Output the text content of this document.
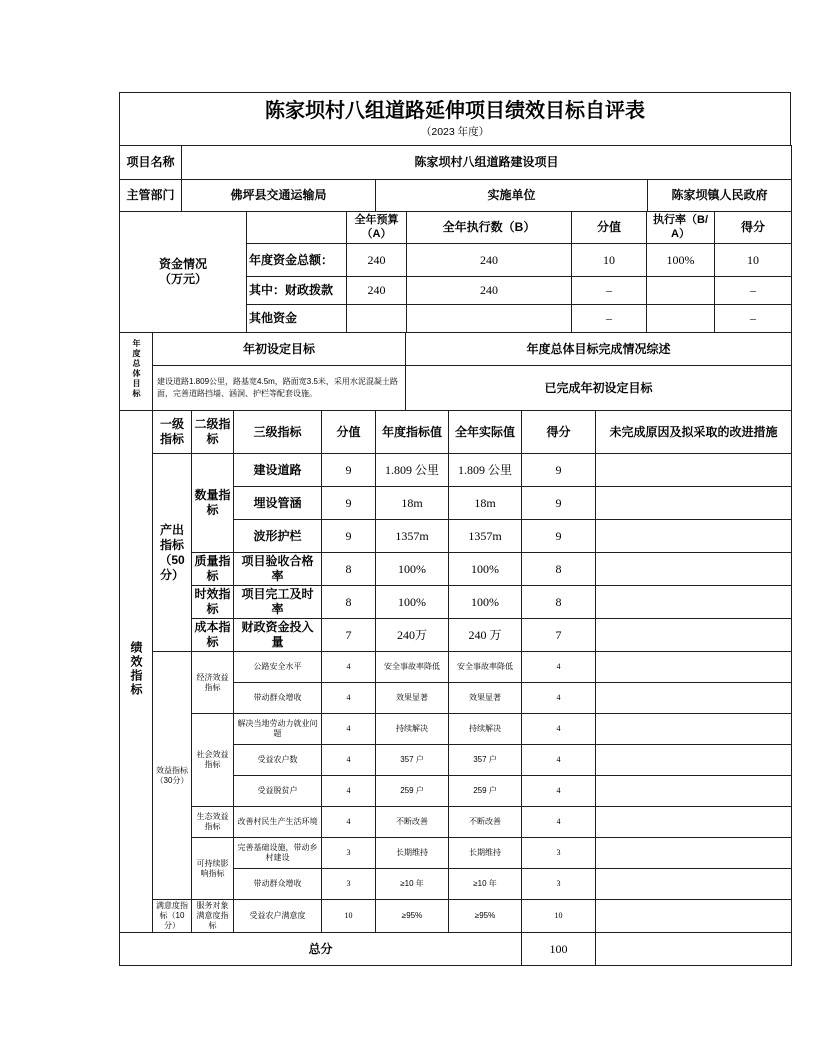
陈家坝村八组道路延伸项目绩效目标自评表
（2023 年度）
项目名称	陈家坝村八组道路建设项目
主管部门	佛坪县交通运输局	实施单位	陈家坝镇人民政府
资金情况
（万元）		全年预算（A）	全年执行数（B）	分值	执行率（B/A）	得分
	年度资金总额：	240	240	10	100%	10
	其中：财政拨款	240	240	–		–
	其他资金			–		–
年度总体目标	年初设定目标	年度总体目标完成情况综述
	建设道路1.809公里，路基宽4.5m，路面宽3.5米，采用水泥混凝土路面，完善道路挡墙、涵洞、护栏等配套设施。	已完成年初设定目标
绩效指标	一级指标	二级指标	三级指标	分值	年度指标值	全年实际值	得分	未完成原因及拟采取的改进措施
	产出指标（50分）	数量指标	建设道路	9	1.809 公里	1.809 公里	9	
			埋设管涵	9	18m	18m	9	
			波形护栏	9	1357m	1357m	9	
		质量指标	项目验收合格率	8	100%	100%	8	
		时效指标	项目完工及时率	8	100%	100%	8	
		成本指标	财政资金投入量	7	240万	240 万	7	
	效益指标（30分）	经济效益指标	公路安全水平	4	安全事故率降低	安全事故率降低	4	
			带动群众增收	4	效果显著	效果显著	4	
		社会效益指标	解决当地劳动力就业问题	4	持续解决	持续解决	4	
			受益农户数	4	357 户	357 户	4	
			受益脱贫户	4	259 户	259 户	4	
		生态效益指标	改善村民生产生活环境	4	不断改善	不断改善	4	
		可持续影响指标	完善基础设施，带动乡村建设	3	长期维持	长期维持	3	
			带动群众增收	3	≥10 年	≥10 年	3	
	满意度指标（10分）	服务对象满意度指标	受益农户满意度	10	≥95%	≥95%	10	
总分							100	
